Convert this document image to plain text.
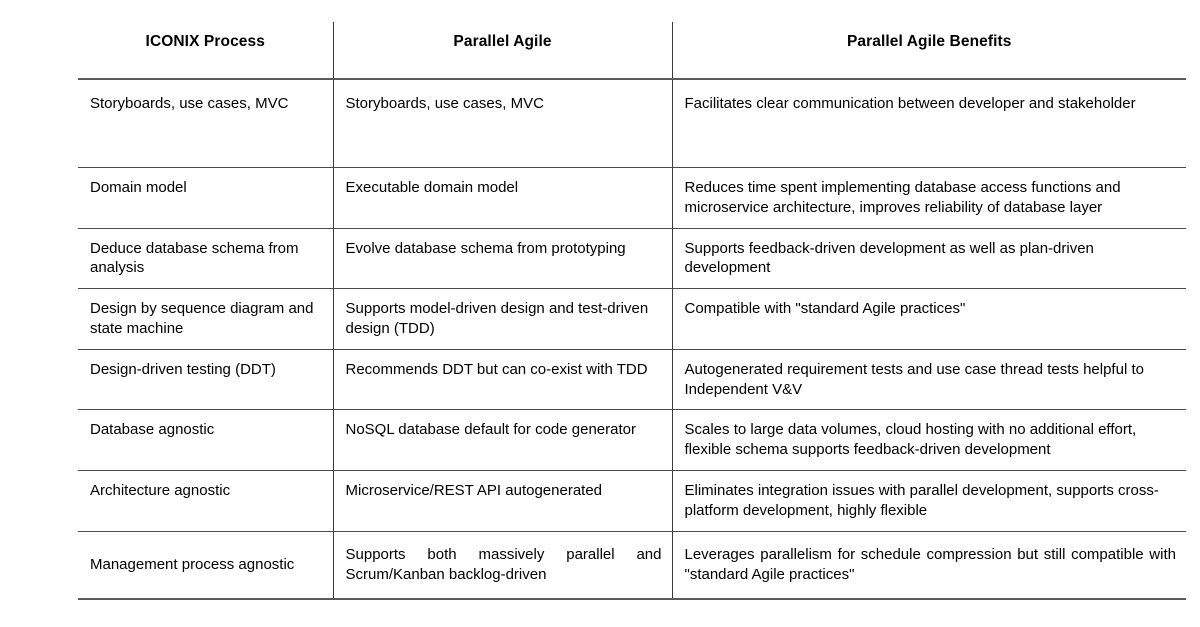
ICONIX Process	Parallel Agile	Parallel Agile Benefits

Storyboards, use cases, MVC	Storyboards, use cases, MVC	Facilitates clear communication between developer and stakeholder

Domain model	Executable domain model	Reduces time spent implementing database access functions and microservice architecture, improves reliability of database layer

Deduce database schema from analysis	Evolve database schema from prototyping	Supports feedback-driven development as well as plan-driven development

Design by sequence diagram and state machine	Supports model-driven design and test-driven design (TDD)	Compatible with "standard Agile practices"

Design-driven testing (DDT)	Recommends DDT but can co-exist with TDD	Autogenerated requirement tests and use case thread tests helpful to Independent V&V

Database agnostic	NoSQL database default for code generator	Scales to large data volumes, cloud hosting with no additional effort, flexible schema supports feedback-driven development

Architecture agnostic	Microservice/REST API autogenerated	Eliminates integration issues with parallel development, supports cross-platform development, highly flexible

Management process agnostic	Supports both massively parallel and Scrum/Kanban backlog-driven	Leverages parallelism for schedule compression but still compatible with "standard Agile practices"
